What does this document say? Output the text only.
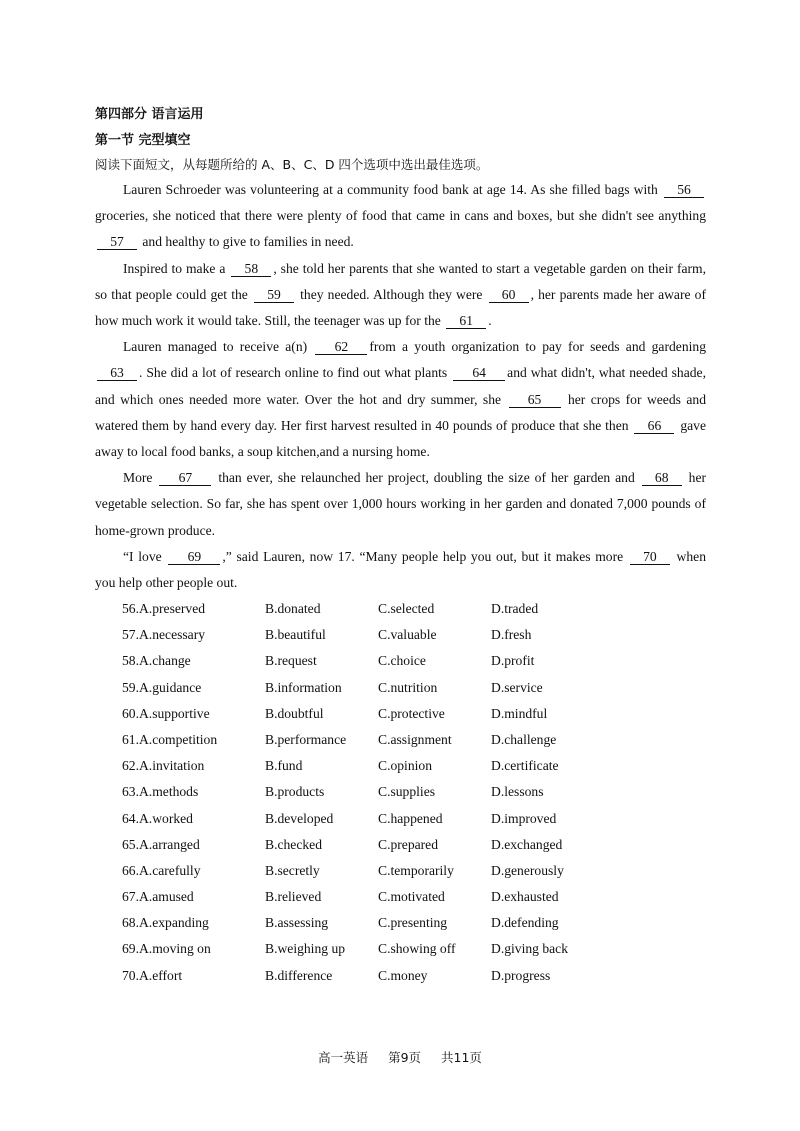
第四部分 语言运用
第一节 完型填空
阅读下面短文，从每题所给的 A、B、C、D 四个选项中选出最佳选项。

Lauren Schroeder was volunteering at a community food bank at age 14. As she filled bags with 56 groceries, she noticed that there were plenty of food that came in cans and boxes, but she didn't see anything 57 and healthy to give to families in need.

Inspired to make a 58 , she told her parents that she wanted to start a vegetable garden on their farm, so that people could get the 59 they needed. Although they were 60 , her parents made her aware of how much work it would take. Still, the teenager was up for the 61 .

Lauren managed to receive a(n) 62 from a youth organization to pay for seeds and gardening 63 . She did a lot of research online to find out what plants 64 and what didn't, what needed shade, and which ones needed more water. Over the hot and dry summer, she 65 her crops for weeds and watered them by hand every day. Her first harvest resulted in 40 pounds of produce that she then 66 gave away to local food banks, a soup kitchen,and a nursing home.

More 67 than ever, she relaunched her project, doubling the size of her garden and 68 her vegetable selection. So far, she has spent over 1,000 hours working in her garden and donated 7,000 pounds of home-grown produce.

“I love 69 ,” said Lauren, now 17. “Many people help you out, but it makes more 70 when you help other people out.

56.A.preserved	B.donated	C.selected	D.traded
57.A.necessary	B.beautiful	C.valuable	D.fresh
58.A.change	B.request	C.choice	D.profit
59.A.guidance	B.information	C.nutrition	D.service
60.A.supportive	B.doubtful	C.protective	D.mindful
61.A.competition	B.performance C.assignment	D.challenge
62.A.invitation	B.fund	C.opinion	D.certificate
63.A.methods	B.products	C.supplies	D.lessons
64.A.worked	B.developed	C.happened	D.improved
65.A.arranged	B.checked	C.prepared	D.exchanged
66.A.carefully	B.secretly	C.temporarily	D.generously
67.A.amused	B.relieved	C.motivated	D.exhausted
68.A.expanding	B.assessing	C.presenting	D.defending
69.A.moving on	B.weighing up C.showing off	D.giving back
70.A.effort	B.difference	C.money	D.progress
高一英语 第9页 共11页
